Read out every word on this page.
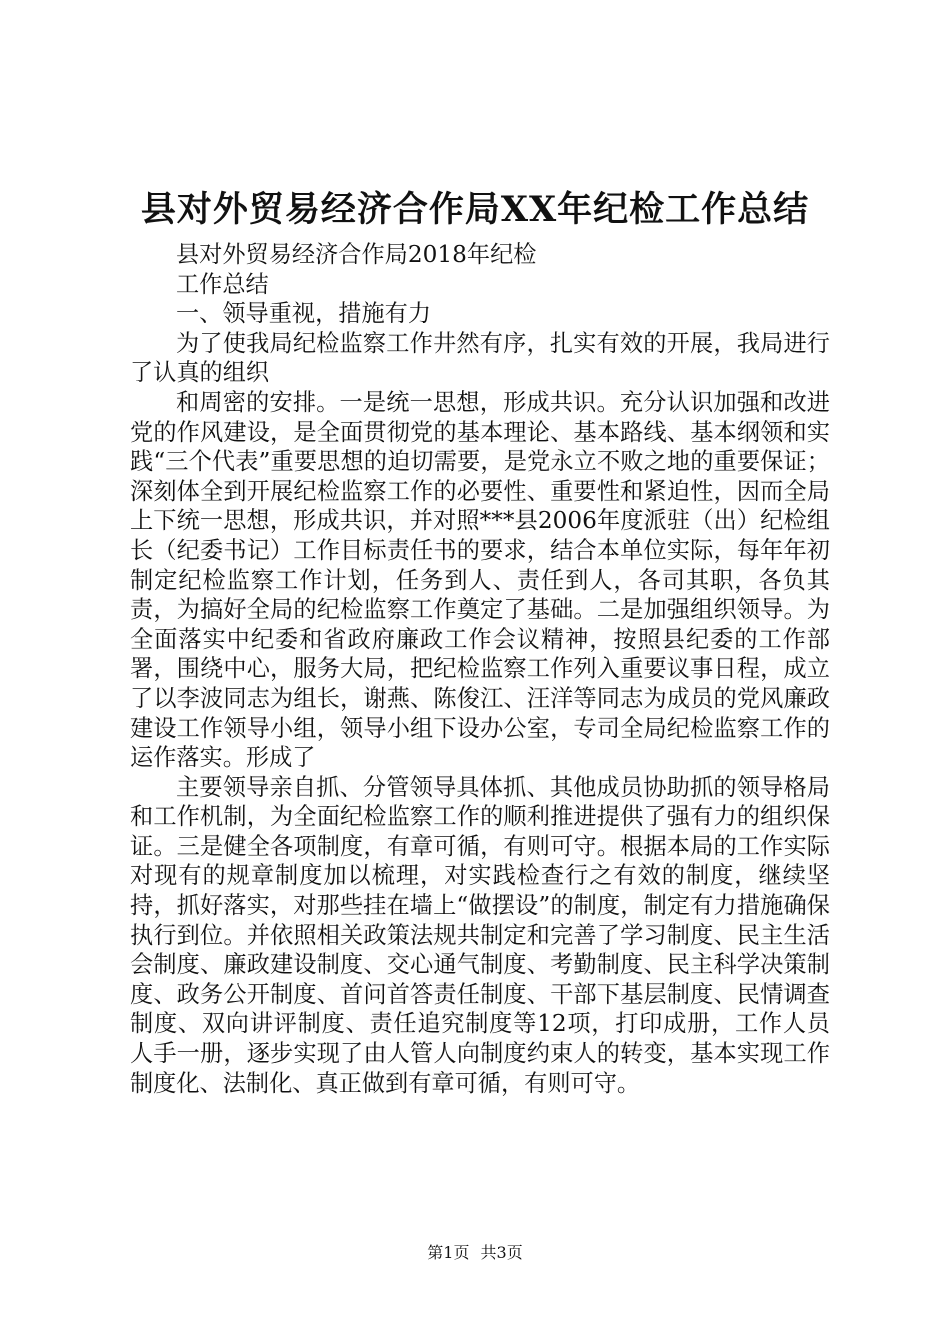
县对外贸易经济合作局XX年纪检工作总结

县对外贸易经济合作局2018年纪检

工作总结

一、领导重视，措施有力

为了使我局纪检监察工作井然有序，扎实有效的开展，我局进行了认真的组织

和周密的安排。一是统一思想，形成共识。充分认识加强和改进党的作风建设，是全面贯彻党的基本理论、基本路线、基本纲领和实践“三个代表”重要思想的迫切需要，是党永立不败之地的重要保证；深刻体全到开展纪检监察工作的必要性、重要性和紧迫性，因而全局上下统一思想，形成共识，并对照***县2006年度派驻（出）纪检组长（纪委书记）工作目标责任书的要求，结合本单位实际，每年年初制定纪检监察工作计划，任务到人、责任到人，各司其职，各负其责，为搞好全局的纪检监察工作奠定了基础。二是加强组织领导。为全面落实中纪委和省政府廉政工作会议精神，按照县纪委的工作部署，围绕中心，服务大局，把纪检监察工作列入重要议事日程，成立了以李波同志为组长，谢燕、陈俊江、汪洋等同志为成员的党风廉政建设工作领导小组，领导小组下设办公室，专司全局纪检监察工作的运作落实。形成了

主要领导亲自抓、分管领导具体抓、其他成员协助抓的领导格局和工作机制，为全面纪检监察工作的顺利推进提供了强有力的组织保证。三是健全各项制度，有章可循，有则可守。根据本局的工作实际对现有的规章制度加以梳理，对实践检查行之有效的制度，继续坚持，抓好落实，对那些挂在墙上“做摆设”的制度，制定有力措施确保执行到位。并依照相关政策法规共制定和完善了学习制度、民主生活会制度、廉政建设制度、交心通气制度、考勤制度、民主科学决策制度、政务公开制度、首问首答责任制度、干部下基层制度、民情调查制度、双向讲评制度、责任追究制度等12项，打印成册，工作人员人手一册，逐步实现了由人管人向制度约束人的转变，基本实现工作制度化、法制化、真正做到有章可循，有则可守。

第1页 共3页
